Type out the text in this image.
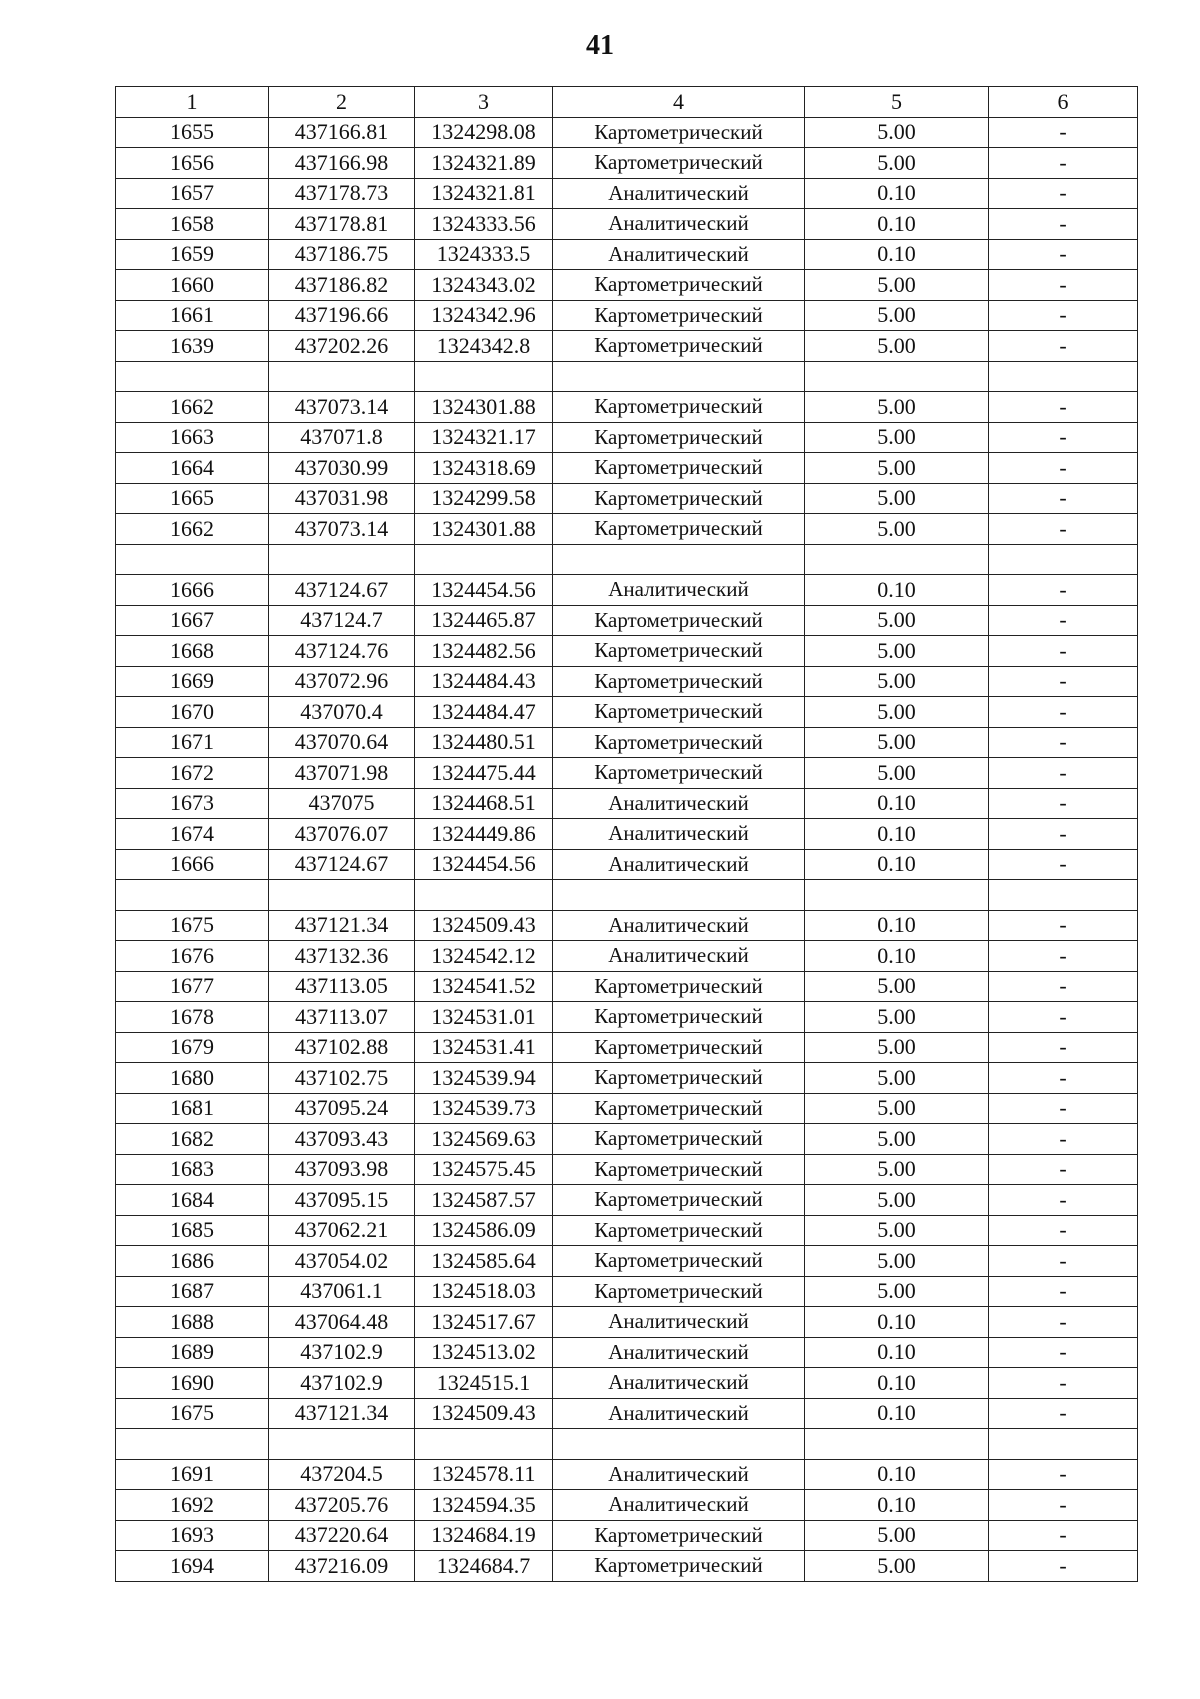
41
1	2	3	4	5	6
1655	437166.81	1324298.08	Картометрический	5.00	-
1656	437166.98	1324321.89	Картометрический	5.00	-
1657	437178.73	1324321.81	Аналитический	0.10	-
1658	437178.81	1324333.56	Аналитический	0.10	-
1659	437186.75	1324333.5	Аналитический	0.10	-
1660	437186.82	1324343.02	Картометрический	5.00	-
1661	437196.66	1324342.96	Картометрический	5.00	-
1639	437202.26	1324342.8	Картометрический	5.00	-

1662	437073.14	1324301.88	Картометрический	5.00	-
1663	437071.8	1324321.17	Картометрический	5.00	-
1664	437030.99	1324318.69	Картометрический	5.00	-
1665	437031.98	1324299.58	Картометрический	5.00	-
1662	437073.14	1324301.88	Картометрический	5.00	-

1666	437124.67	1324454.56	Аналитический	0.10	-
1667	437124.7	1324465.87	Картометрический	5.00	-
1668	437124.76	1324482.56	Картометрический	5.00	-
1669	437072.96	1324484.43	Картометрический	5.00	-
1670	437070.4	1324484.47	Картометрический	5.00	-
1671	437070.64	1324480.51	Картометрический	5.00	-
1672	437071.98	1324475.44	Картометрический	5.00	-
1673	437075	1324468.51	Аналитический	0.10	-
1674	437076.07	1324449.86	Аналитический	0.10	-
1666	437124.67	1324454.56	Аналитический	0.10	-

1675	437121.34	1324509.43	Аналитический	0.10	-
1676	437132.36	1324542.12	Аналитический	0.10	-
1677	437113.05	1324541.52	Картометрический	5.00	-
1678	437113.07	1324531.01	Картометрический	5.00	-
1679	437102.88	1324531.41	Картометрический	5.00	-
1680	437102.75	1324539.94	Картометрический	5.00	-
1681	437095.24	1324539.73	Картометрический	5.00	-
1682	437093.43	1324569.63	Картометрический	5.00	-
1683	437093.98	1324575.45	Картометрический	5.00	-
1684	437095.15	1324587.57	Картометрический	5.00	-
1685	437062.21	1324586.09	Картометрический	5.00	-
1686	437054.02	1324585.64	Картометрический	5.00	-
1687	437061.1	1324518.03	Картометрический	5.00	-
1688	437064.48	1324517.67	Аналитический	0.10	-
1689	437102.9	1324513.02	Аналитический	0.10	-
1690	437102.9	1324515.1	Аналитический	0.10	-
1675	437121.34	1324509.43	Аналитический	0.10	-

1691	437204.5	1324578.11	Аналитический	0.10	-
1692	437205.76	1324594.35	Аналитический	0.10	-
1693	437220.64	1324684.19	Картометрический	5.00	-
1694	437216.09	1324684.7	Картометрический	5.00	-
